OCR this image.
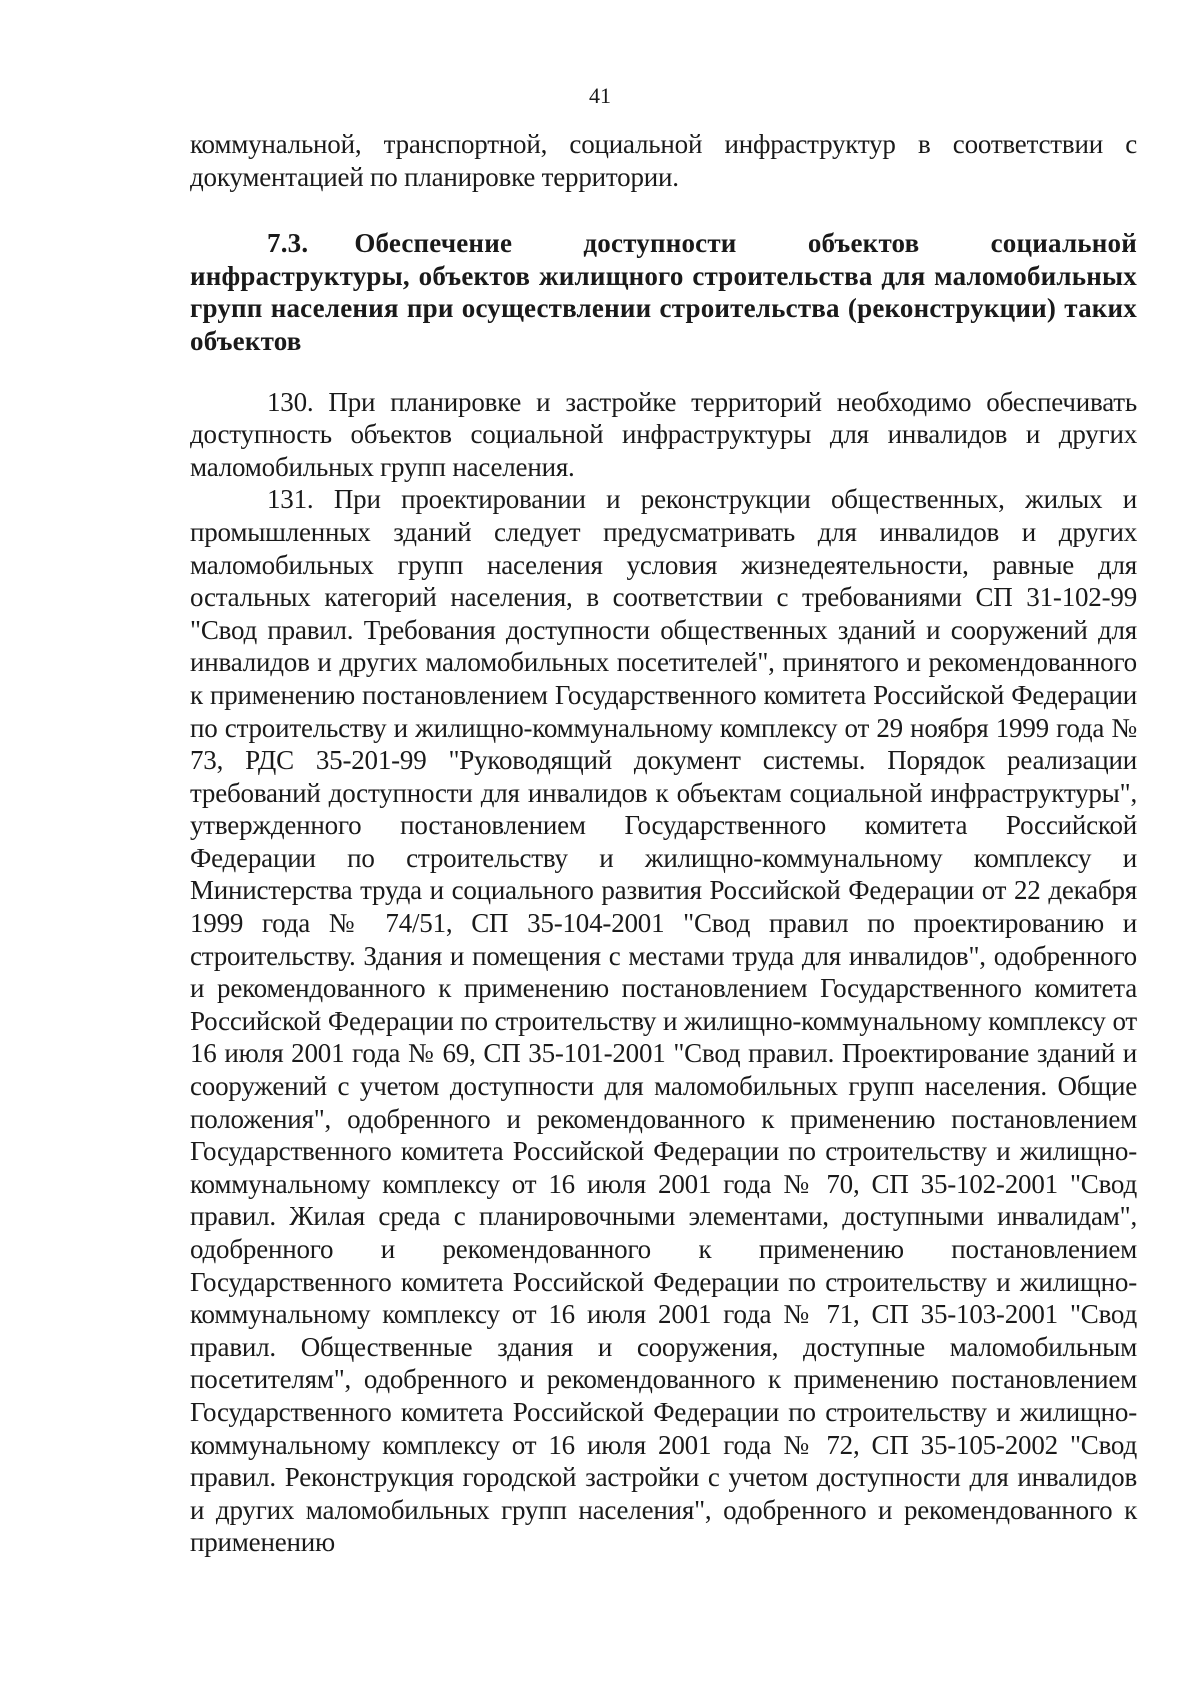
41

коммунальной, транспортной, социальной инфраструктур в соответствии с документацией по планировке территории.

7.3. Обеспечение доступности объектов социальной инфраструктуры, объектов жилищного строительства для маломобильных групп населения при осуществлении строительства (реконструкции) таких объектов

130. При планировке и застройке территорий необходимо обеспечивать доступность объектов социальной инфраструктуры для инвалидов и других маломобильных групп населения.

131. При проектировании и реконструкции общественных, жилых и промышленных зданий следует предусматривать для инвалидов и других маломобильных групп населения условия жизнедеятельности, равные для остальных категорий населения, в соответствии с требованиями СП 31-102-99 "Свод правил. Требования доступности общественных зданий и сооружений для инвалидов и других маломобильных посетителей", принятого и рекомендованного к применению постановлением Государственного комитета Российской Федерации по строительству и жилищно-коммунальному комплексу от 29 ноября 1999 года № 73, РДС 35-201-99 "Руководящий документ системы. Порядок реализации требований доступности для инвалидов к объектам социальной инфраструктуры", утвержденного постановлением Государственного комитета Российской Федерации по строительству и жилищно-коммунальному комплексу и Министерства труда и социального развития Российской Федерации от 22 декабря 1999 года № 74/51, СП 35-104-2001 "Свод правил по проектированию и строительству. Здания и помещения с местами труда для инвалидов", одобренного и рекомендованного к применению постановлением Государственного комитета Российской Федерации по строительству и жилищно-коммунальному комплексу от 16 июля 2001 года № 69, СП 35-101-2001 "Свод правил. Проектирование зданий и сооружений с учетом доступности для маломобильных групп населения. Общие положения", одобренного и рекомендованного к применению постановлением Государственного комитета Российской Федерации по строительству и жилищно-коммунальному комплексу от 16 июля 2001 года № 70, СП 35-102-2001 "Свод правил. Жилая среда с планировочными элементами, доступными инвалидам", одобренного и рекомендованного к применению постановлением Государственного комитета Российской Федерации по строительству и жилищно-коммунальному комплексу от 16 июля 2001 года № 71, СП 35-103-2001 "Свод правил. Общественные здания и сооружения, доступные маломобильным посетителям", одобренного и рекомендованного к применению постановлением Государственного комитета Российской Федерации по строительству и жилищно-коммунальному комплексу от 16 июля 2001 года № 72, СП 35-105-2002 "Свод правил. Реконструкция городской застройки с учетом доступности для инвалидов и других маломобильных групп населения", одобренного и рекомендованного к применению
